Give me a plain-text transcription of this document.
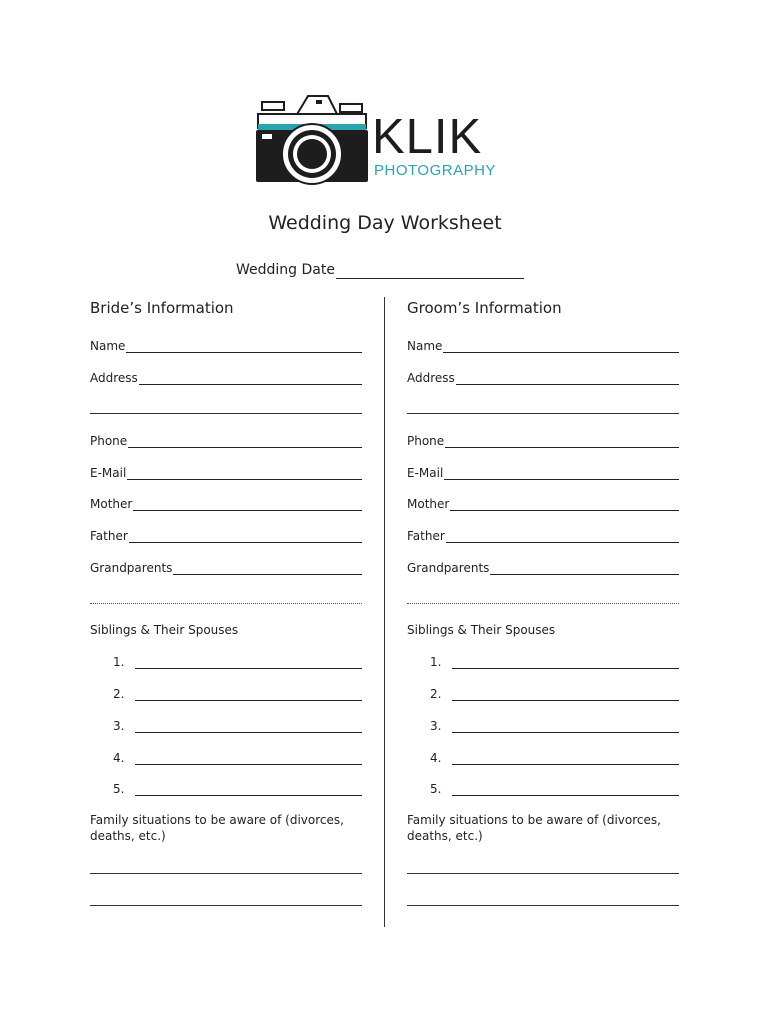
KLIK
PHOTOGRAPHY
Wedding Day Worksheet
Wedding Date
Bride’s Information
Name
Address
Phone
E-Mail
Mother
Father
Grandparents
Siblings & Their Spouses
1.
2.
3.
4.
5.
Family situations to be aware of (divorces, deaths, etc.)
Groom’s Information
Name
Address
Phone
E-Mail
Mother
Father
Grandparents
Siblings & Their Spouses
1.
2.
3.
4.
5.
Family situations to be aware of (divorces, deaths, etc.)
